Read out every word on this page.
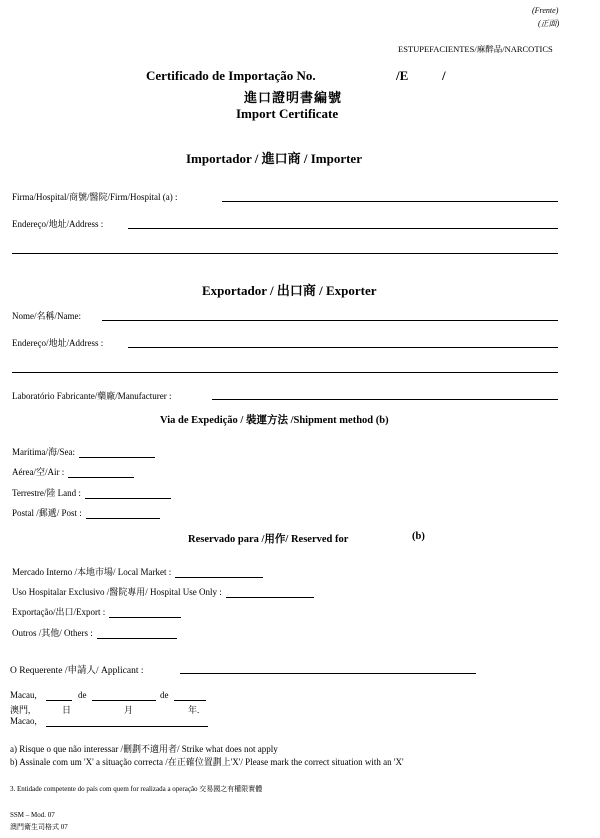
(Frente)
(正面)
ESTUPEFACIENTES/麻醉品/NARCOTICS
Certificado de Importação No.	/E	/
進口證明書編號
Import Certificate
Importador / 進口商 / Importer
Firma/Hospital/商號/醫院/Firm/Hospital (a) :
Endereço/地址/Address :
Exportador / 出口商 / Exporter
Nome/名稱/Name:
Endereço/地址/Address :
Laboratório Fabricante/藥廠/Manufacturer :
Via de Expedição / 裝運方法 /Shipment method (b)
Marítima/海/Sea:
Aérea/空/Air :
Terrestre/陸 Land :
Postal /郵遞/ Post :
Reservado para /用作/ Reserved for	(b)
Mercado Interno /本地市場/ Local Market :
Uso Hospitalar Exclusivo /醫院專用/ Hospital Use Only :
Exportação/出口/Export :
Outros /其他/ Others :
O Requerente /申請人/ Applicant :
Macau,	de	de
澳門,	日	月	年.
Macao,
a) Risque o que não interessar /刪劃不適用者/ Strike what does not apply
b) Assinale com um 'X' a situação correcta /在正確位置劃上'X'/ Please mark the correct situation with an 'X'
3. Entidade competente do país com quem for realizada a operação 交易國之有權限實體
SSM – Mod. 07
澳門衛生司格式 07
